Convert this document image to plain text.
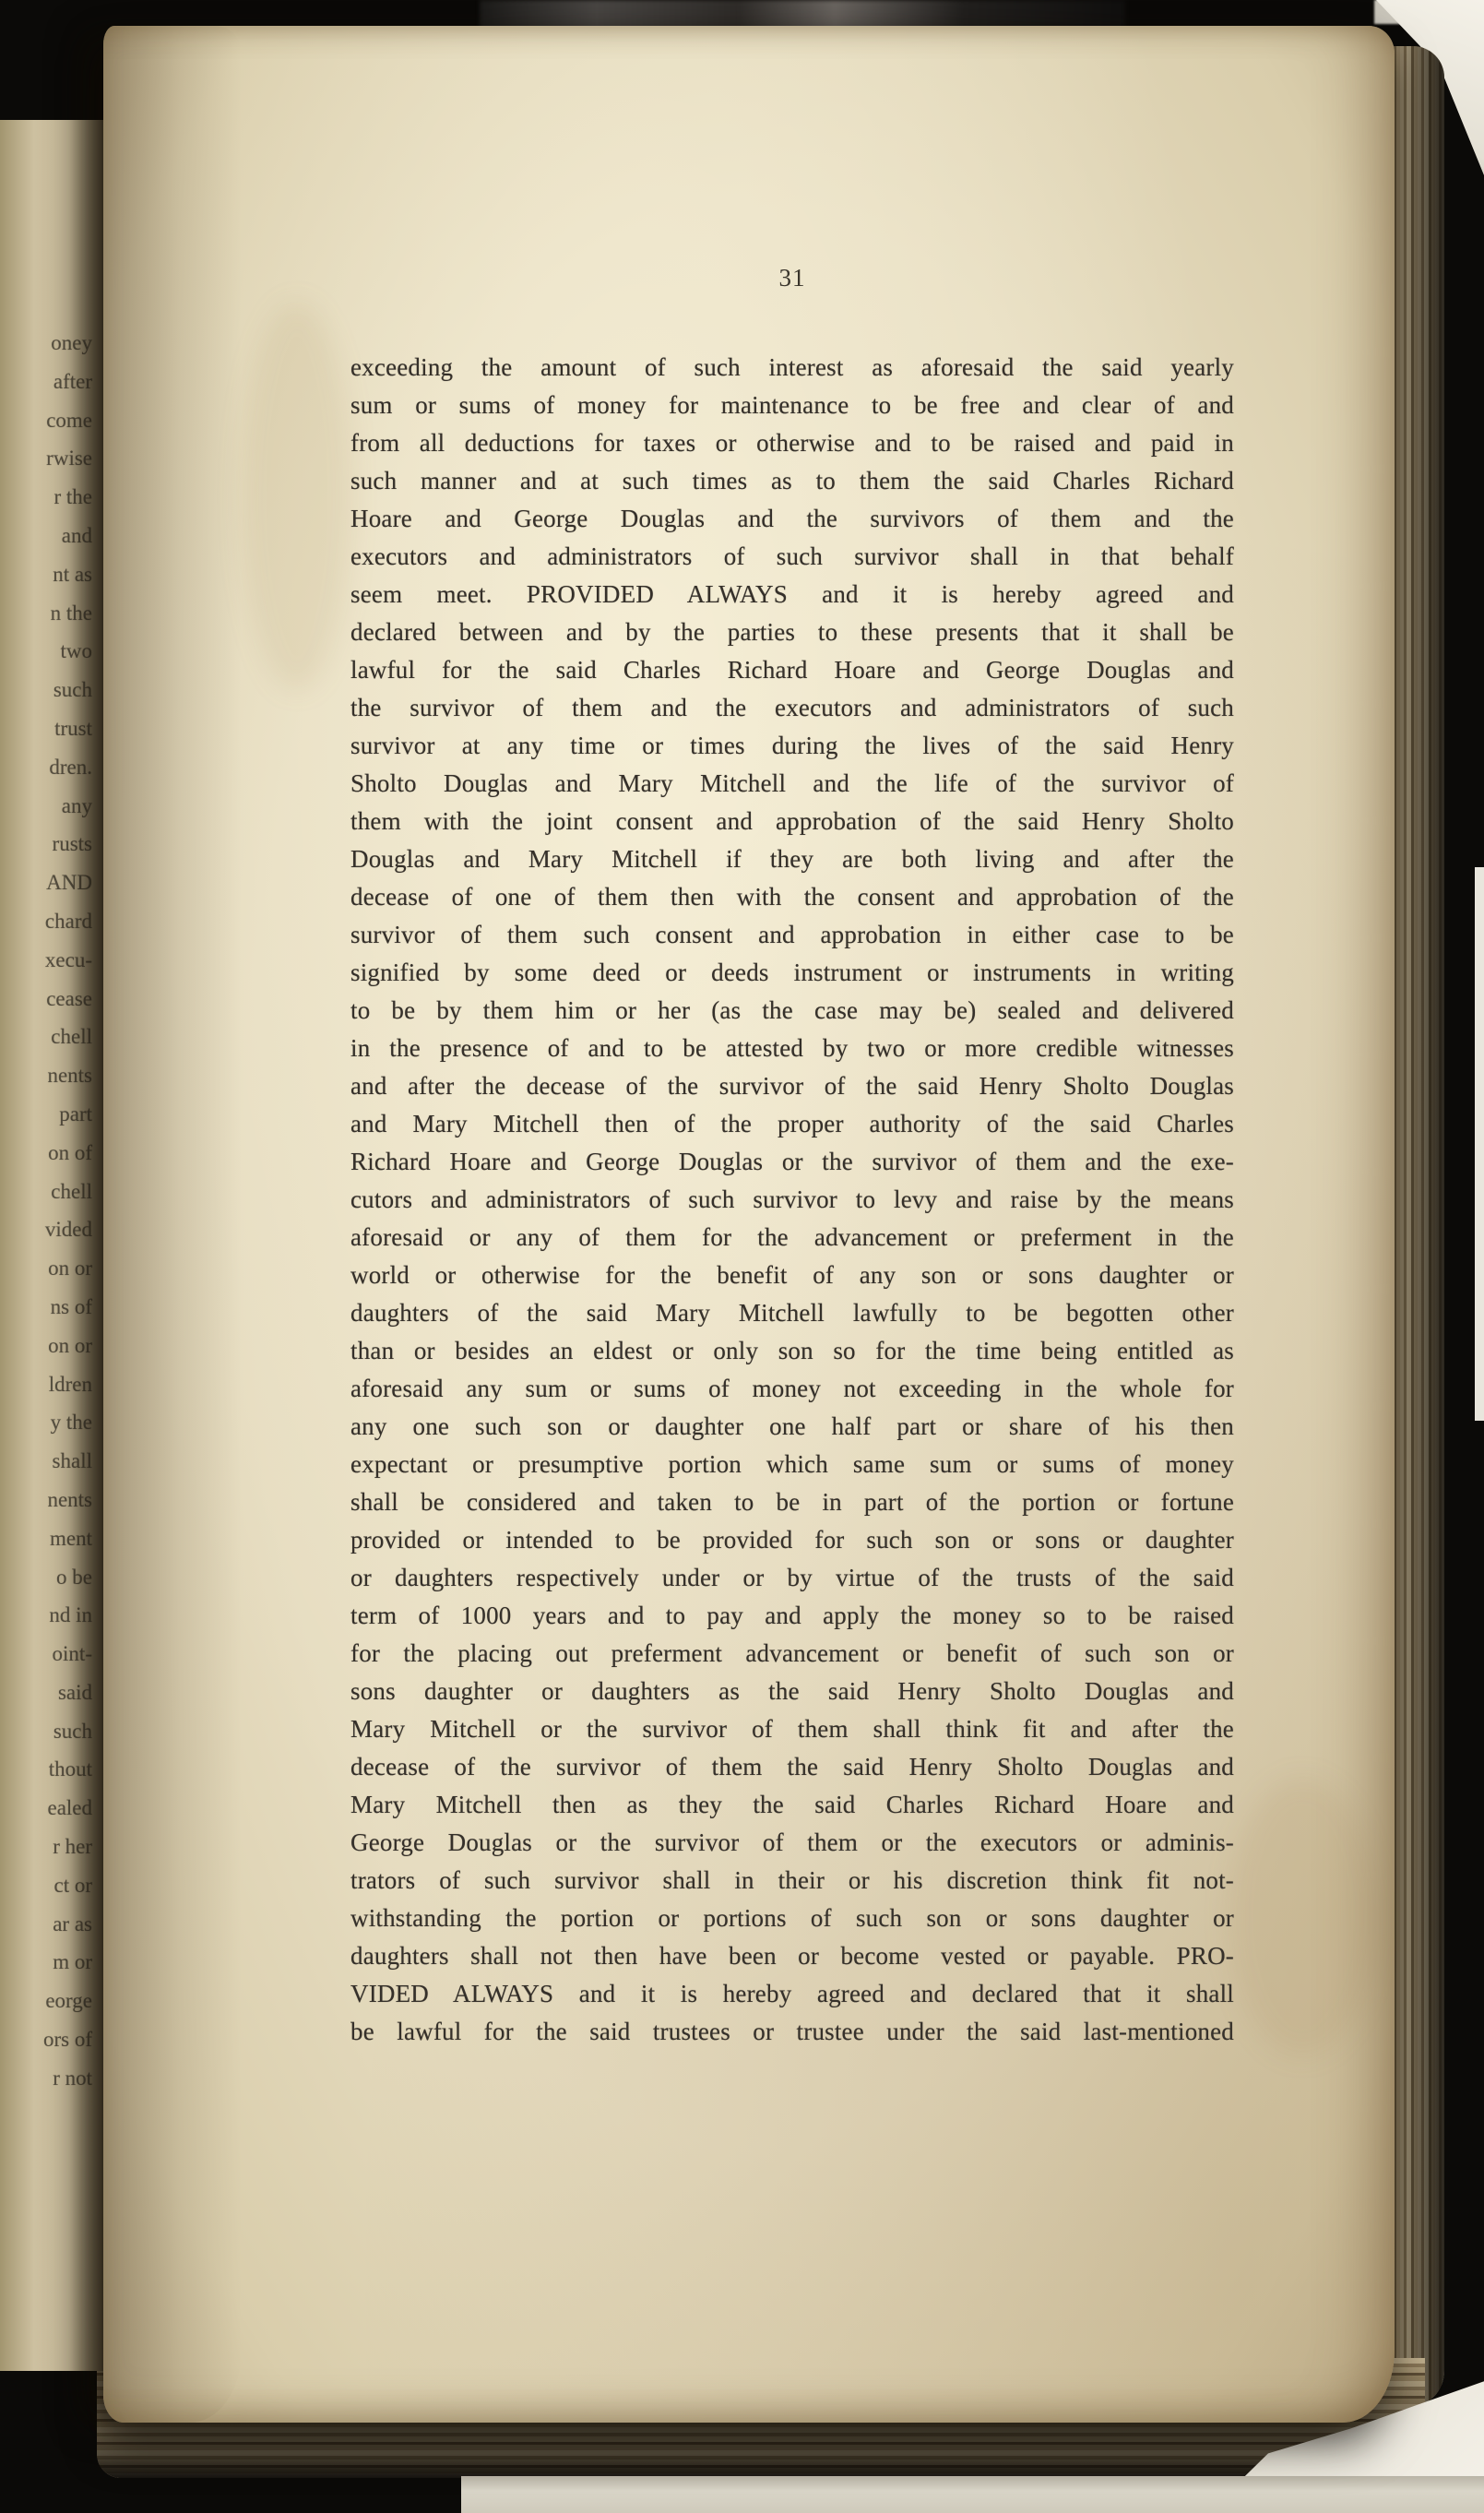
oney
after
come
rwise
r the
and
nt as
n the
two
such
trust
dren.
any
rusts
AND
chard
xecu-
cease
chell
nents
part
on of
chell
vided
on or
ns of
on or
ldren
y the
shall
nents
ment
o be
nd in
oint-
said
such
thout
ealed
r her
ct or
ar as
m or
eorge
ors of
r not
31
exceeding the amount of such interest as aforesaid the said yearly
sum or sums of money for maintenance to be free and clear of and
from all deductions for taxes or otherwise and to be raised and paid in
such manner and at such times as to them the said Charles Richard
Hoare and George Douglas and the survivors of them and the
executors and administrators of such survivor shall in that behalf
seem meet. PROVIDED ALWAYS and it is hereby agreed and
declared between and by the parties to these presents that it shall be
lawful for the said Charles Richard Hoare and George Douglas and
the survivor of them and the executors and administrators of such
survivor at any time or times during the lives of the said Henry
Sholto Douglas and Mary Mitchell and the life of the survivor of
them with the joint consent and approbation of the said Henry Sholto
Douglas and Mary Mitchell if they are both living and after the
decease of one of them then with the consent and approbation of the
survivor of them such consent and approbation in either case to be
signified by some deed or deeds instrument or instruments in writing
to be by them him or her (as the case may be) sealed and delivered
in the presence of and to be attested by two or more credible witnesses
and after the decease of the survivor of the said Henry Sholto Douglas
and Mary Mitchell then of the proper authority of the said Charles
Richard Hoare and George Douglas or the survivor of them and the exe-
cutors and administrators of such survivor to levy and raise by the means
aforesaid or any of them for the advancement or preferment in the
world or otherwise for the benefit of any son or sons daughter or
daughters of the said Mary Mitchell lawfully to be begotten other
than or besides an eldest or only son so for the time being entitled as
aforesaid any sum or sums of money not exceeding in the whole for
any one such son or daughter one half part or share of his then
expectant or presumptive portion which same sum or sums of money
shall be considered and taken to be in part of the portion or fortune
provided or intended to be provided for such son or sons or daughter
or daughters respectively under or by virtue of the trusts of the said
term of 1000 years and to pay and apply the money so to be raised
for the placing out preferment advancement or benefit of such son or
sons daughter or daughters as the said Henry Sholto Douglas and
Mary Mitchell or the survivor of them shall think fit and after the
decease of the survivor of them the said Henry Sholto Douglas and
Mary Mitchell then as they the said Charles Richard Hoare and
George Douglas or the survivor of them or the executors or adminis-
trators of such survivor shall in their or his discretion think fit not-
withstanding the portion or portions of such son or sons daughter or
daughters shall not then have been or become vested or payable. PRO-
VIDED ALWAYS and it is hereby agreed and declared that it shall
be lawful for the said trustees or trustee under the said last-mentioned
